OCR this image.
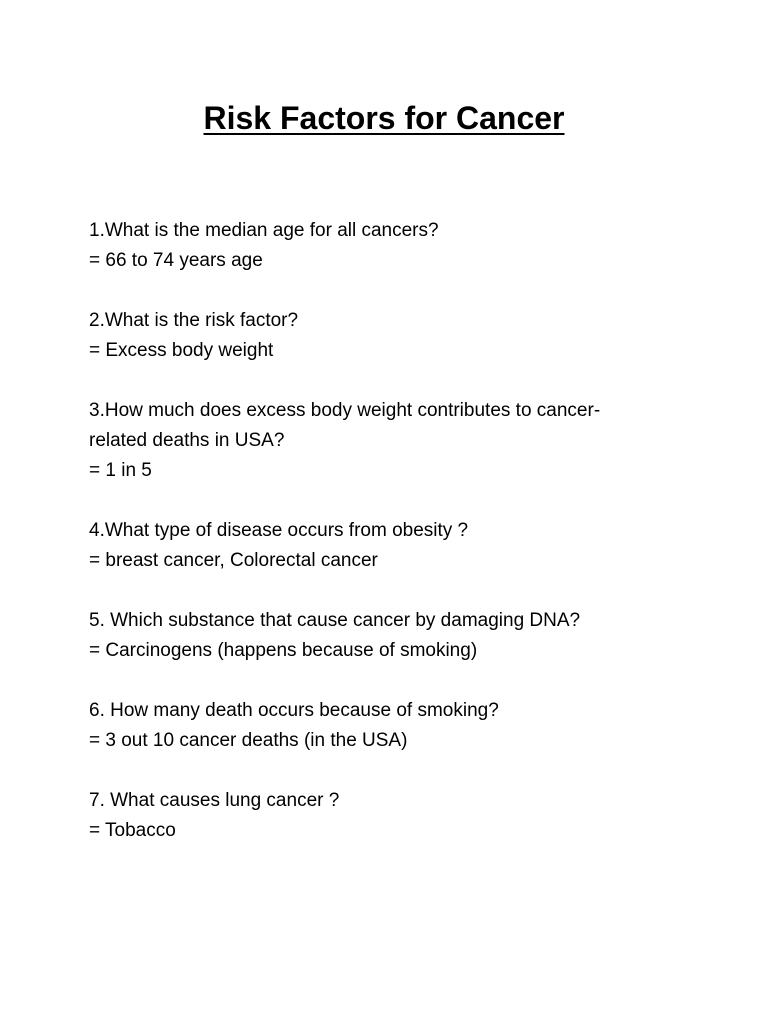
Risk Factors for Cancer
1.What is the median age for all cancers?
= 66 to 74 years age
2.What is the risk factor?
= Excess body weight
3.How much does excess body weight contributes to cancer-
related deaths in USA?
= 1 in 5
4.What type of disease occurs from obesity ?
= breast cancer, Colorectal cancer
5. Which substance that cause cancer by damaging DNA?
= Carcinogens (happens because of smoking)
6. How many death occurs because of smoking?
= 3 out 10 cancer deaths (in the USA)
7. What causes lung cancer ?
= Tobacco
